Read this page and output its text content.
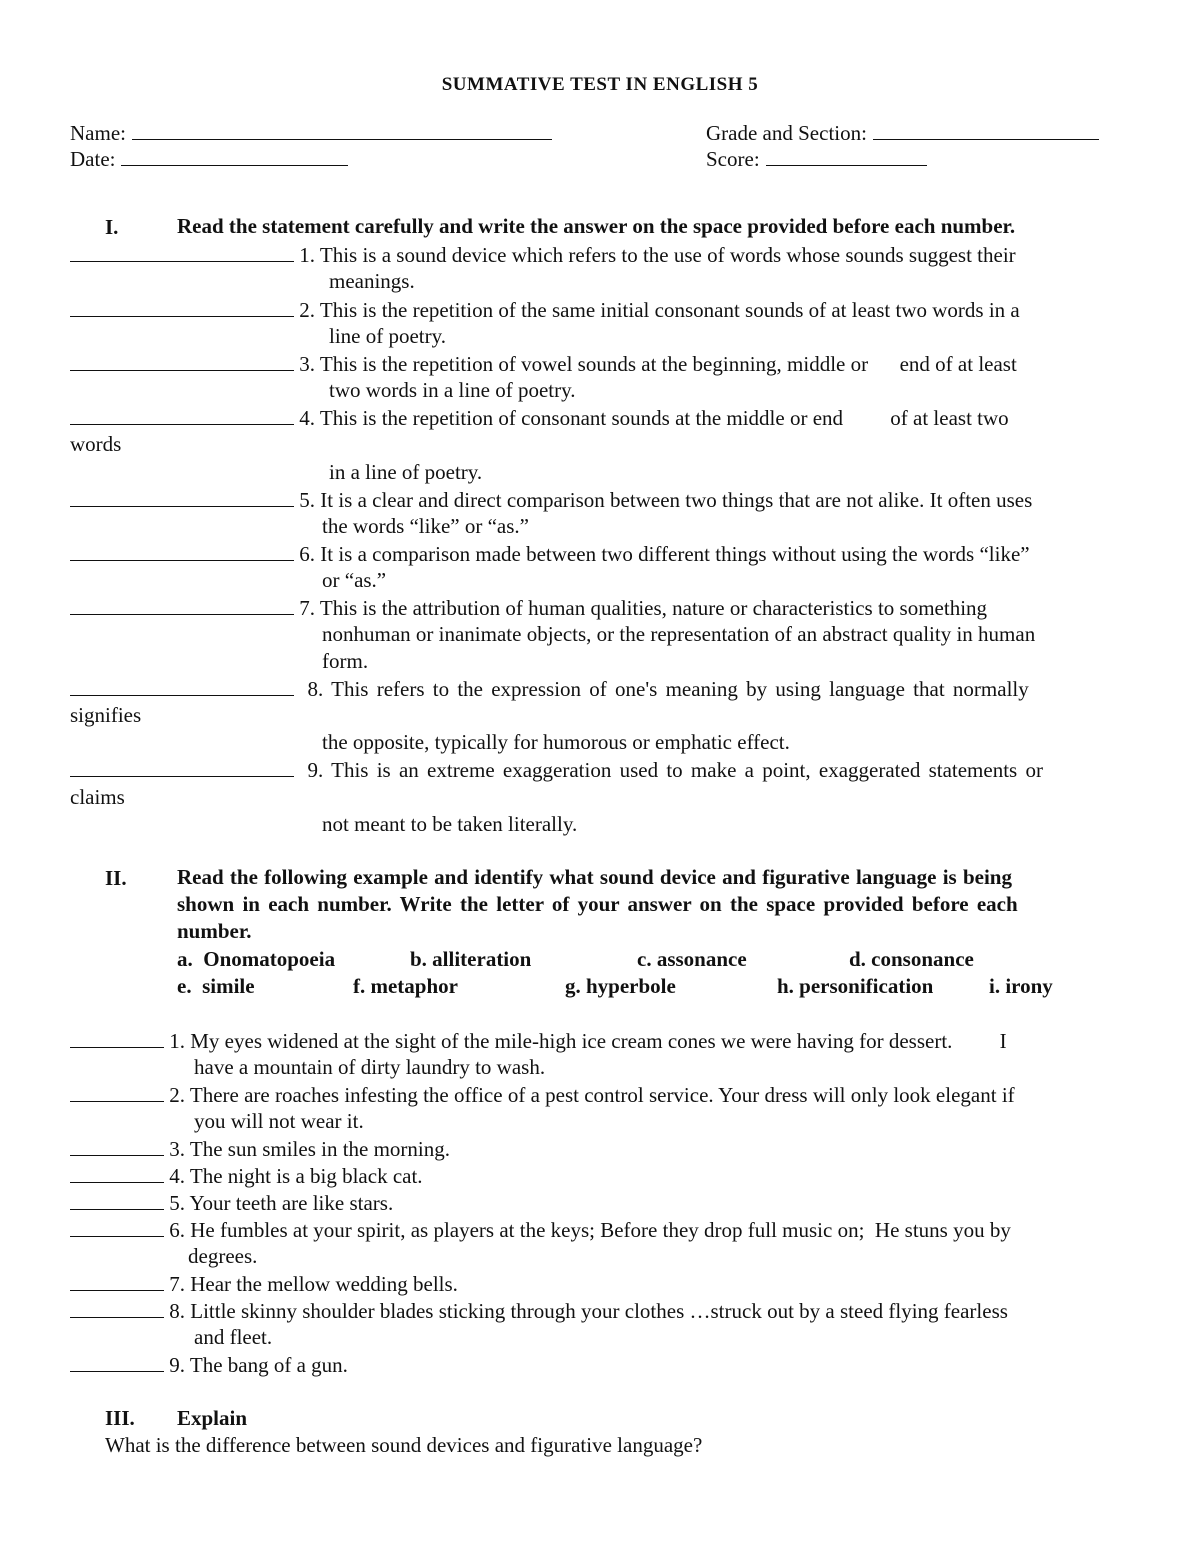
SUMMATIVE TEST IN ENGLISH 5
Name:
Date:
Grade and Section:
Score:
I.	Read the statement carefully and write the answer on the space provided before each number.
1. This is a sound device which refers to the use of words whose sounds suggest their
meanings.
2. This is the repetition of the same initial consonant sounds of at least two words in a
line of poetry.
3. This is the repetition of vowel sounds at the beginning, middle or      end of at least
two words in a line of poetry.
4. This is the repetition of consonant sounds at the middle or end         of at least two
words
in a line of poetry.
5. It is a clear and direct comparison between two things that are not alike. It often uses
the words “like” or “as.”
6. It is a comparison made between two different things without using the words “like”
or “as.”
7. This is the attribution of human qualities, nature or characteristics to something
nonhuman or inanimate objects, or the representation of an abstract quality in human
form.
8. This refers to the expression of one's meaning by using language that normally
signifies
the opposite, typically for humorous or emphatic effect.
9. This is an extreme exaggeration used to make a point, exaggerated statements or
claims
not meant to be taken literally.
II. Read the following example and identify what sound device and figurative language is being
shown in each number. Write the letter of your answer on the space provided before each
number.
a.  Onomatopoeia	b. alliteration	c. assonance	d. consonance
e.  simile	f. metaphor	g. hyperbole	h. personification	i. irony
1. My eyes widened at the sight of the mile-high ice cream cones we were having for dessert.         I
have a mountain of dirty laundry to wash.
2. There are roaches infesting the office of a pest control service. Your dress will only look elegant if
you will not wear it.
3. The sun smiles in the morning.
4. The night is a big black cat.
5. Your teeth are like stars.
6. He fumbles at your spirit, as players at the keys; Before they drop full music on;  He stuns you by
degrees.
7. Hear the mellow wedding bells.
8. Little skinny shoulder blades sticking through your clothes …struck out by a steed flying fearless
and fleet.
9. The bang of a gun.
III. Explain
What is the difference between sound devices and figurative language?
